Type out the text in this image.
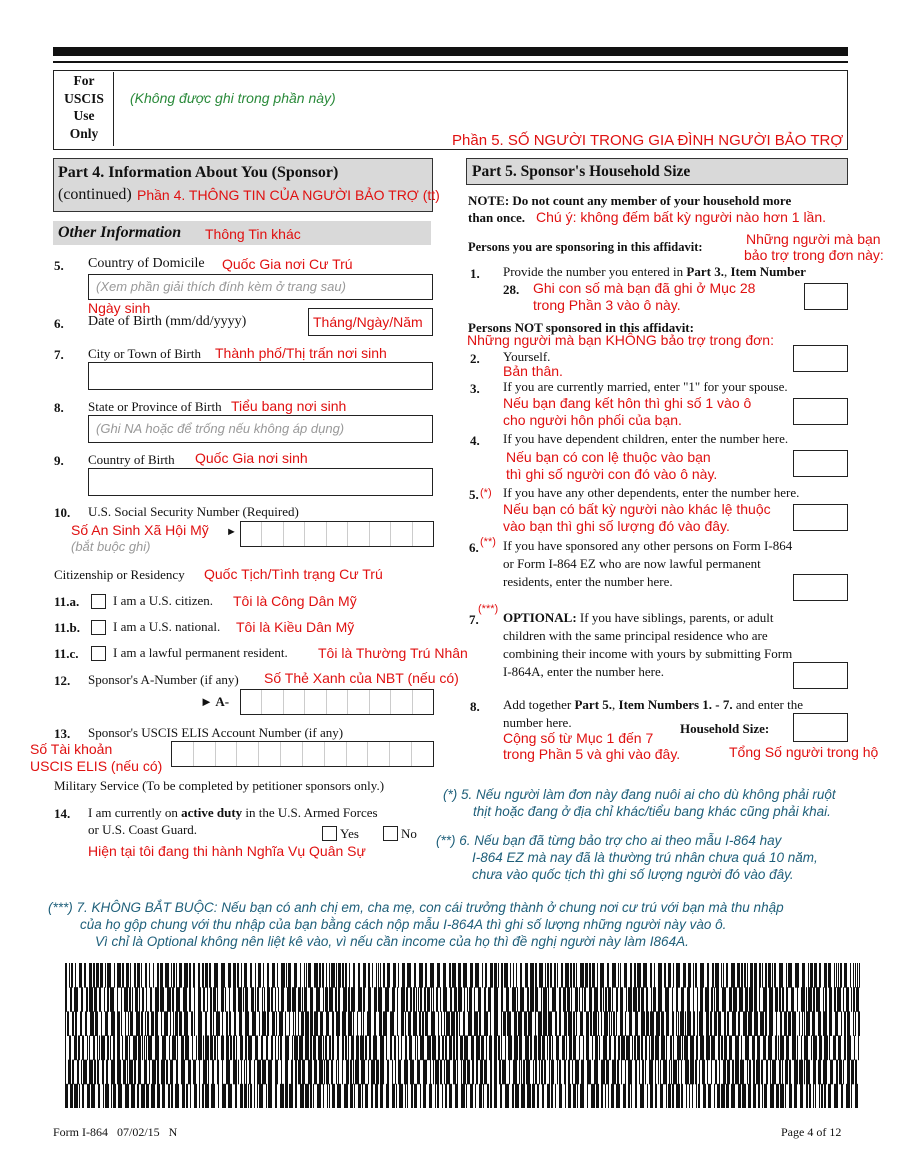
For
USCIS
Use
Only
(Không được ghi trong phần này)
Phần 5. SỐ NGƯỜI TRONG GIA ĐÌNH NGƯỜI BẢO TRỢ
Part 4. Information About You (Sponsor)
(continued) Phần 4. THÔNG TIN CỦA NGƯỜI BẢO TRỢ (tt)
Other Information Thông Tin khác
5. Country of Domicile Quốc Gia nơi Cư Trú
(Xem phần giải thích đính kèm ở trang sau)
Ngày sinh
6. Date of Birth (mm/dd/yyyy)	Tháng/Ngày/Năm
7. City or Town of Birth Thành phố/Thị trấn nơi sinh
8. State or Province of Birth Tiểu bang nơi sinh
(Ghi NA hoặc để trống nếu không áp dụng)
9. Country of Birth Quốc Gia nơi sinh
10. U.S. Social Security Number (Required)
Số An Sinh Xã Hội Mỹ
(bắt buộc ghi)
►
Citizenship or Residency Quốc Tịch/Tình trạng Cư Trú
11.a.	I am a U.S. citizen. Tôi là Công Dân Mỹ
11.b.	I am a U.S. national. Tôi là Kiều Dân Mỹ
11.c.	I am a lawful permanent resident. Tôi là Thường Trú Nhân
12. Sponsor's A-Number (if any) Số Thẻ Xanh của NBT (nếu có)
► A-
13. Sponsor's USCIS ELIS Account Number (if any)
Số Tài khoản
USCIS ELIS (nếu có)
Military Service (To be completed by petitioner sponsors only.)
14. I am currently on active duty in the U.S. Armed Forces
or U.S. Coast Guard.	Yes	No
Hiện tại tôi đang thi hành Nghĩa Vụ Quân Sự
Part 5. Sponsor's Household Size
NOTE: Do not count any member of your household more
than once. Chú ý: không đếm bất kỳ người nào hơn 1 lần.
Persons you are sponsoring in this affidavit:	Những người mà bạn
bảo trợ trong đơn này:
1. Provide the number you entered in Part 3., Item Number
28. Ghi con số mà bạn đã ghi ở Mục 28
trong Phần 3 vào ô này.
Persons NOT sponsored in this affidavit:
Những người mà bạn KHÔNG bảo trợ trong đơn:
2. Yourself.
Bản thân.
3. If you are currently married, enter "1" for your spouse.
Nếu bạn đang kết hôn thì ghi số 1 vào ô
cho người hôn phối của bạn.
4. If you have dependent children, enter the number here.
Nếu bạn có con lệ thuộc vào bạn
thì ghi số người con đó vào ô này.
5. (*) If you have any other dependents, enter the number here.
Nếu bạn có bất kỳ người nào khác lệ thuộc
vào bạn thì ghi số lượng đó vào đây.
6. (**) If you have sponsored any other persons on Form I-864
or Form I-864 EZ who are now lawful permanent
residents, enter the number here.
7.
(***)
OPTIONAL: If you have siblings, parents, or adult
children with the same principal residence who are
combining their income with yours by submitting Form
I-864A, enter the number here.
8. Add together Part 5., Item Numbers 1. - 7. and enter the
number here.	Household Size:
Cộng số từ Mục 1 đến 7
trong Phần 5 và ghi vào đây.	Tổng Số người trong hộ
(*) 5. Nếu người làm đơn này đang nuôi ai cho dù không phải ruột
thịt hoặc đang ở địa chỉ khác/tiểu bang khác cũng phải khai.
(**) 6. Nếu bạn đã từng bảo trợ cho ai theo mẫu I-864 hay
I-864 EZ mà nay đã là thường trú nhân chưa quá 10 năm,
chưa vào quốc tịch thì ghi số lượng người đó vào đây.
(***) 7. KHÔNG BẮT BUỘC: Nếu bạn có anh chị em, cha mẹ, con cái trưởng thành ở chung nơi cư trú với bạn mà thu nhập
của họ gộp chung với thu nhập của bạn bằng cách nộp mẫu I-864A thì ghi số lượng những người này vào ô.
Vì chỉ là Optional không nên liệt kê vào, vì nếu cần income của họ thì đề nghị người này làm I864A.
Form I-864   07/02/15   N	Page 4 of 12
